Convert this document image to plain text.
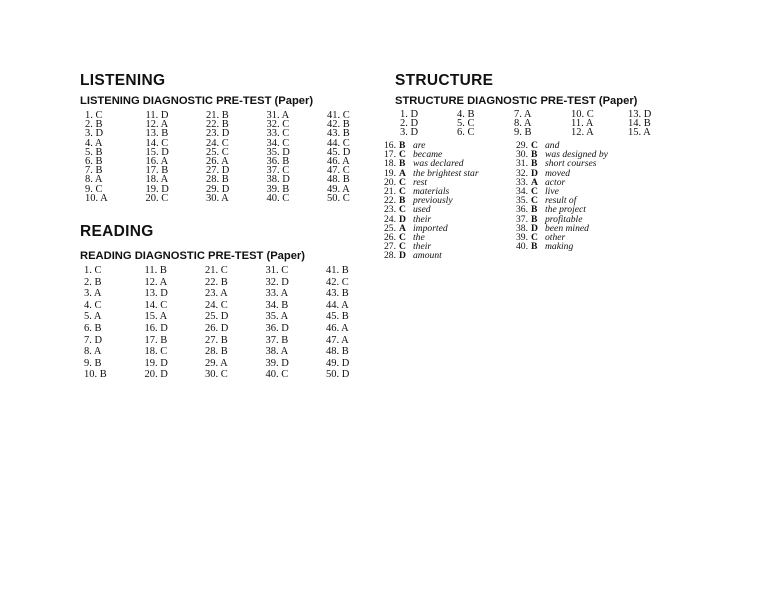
LISTENING
LISTENING DIAGNOSTIC PRE-TEST (Paper)
1. C
2. B
3. D
4. A
5. B
6. B
7. B
8. A
9. C
10. A
11. D
12. A
13. B
14. C
15. D
16. A
17. B
18. A
19. D
20. C
21. B
22. B
23. D
24. C
25. C
26. A
27. D
28. B
29. D
30. A
31. A
32. C
33. C
34. C
35. D
36. B
37. C
38. D
39. B
40. C
41. C
42. B
43. B
44. C
45. D
46. A
47. C
48. B
49. A
50. C
READING
READING DIAGNOSTIC PRE-TEST (Paper)
1. C
2. B
3. A
4. C
5. A
6. B
7. D
8. A
9. B
10. B
11. B
12. A
13. D
14. C
15. A
16. D
17. B
18. C
19. D
20. D
21. C
22. B
23. A
24. C
25. D
26. D
27. B
28. B
29. A
30. C
31. C
32. D
33. A
34. B
35. A
36. D
37. B
38. A
39. D
40. C
41. B
42. C
43. B
44. A
45. B
46. A
47. A
48. B
49. D
50. D
STRUCTURE
STRUCTURE DIAGNOSTIC PRE-TEST (Paper)
1. D
2. D
3. D
4. B
5. C
6. C
7. A
8. A
9. B
10. C
11. A
12. A
13. D
14. B
15. A
16. B are
17. C became
18. B was declared
19. A the brightest star
20. C rest
21. C materials
22. B previously
23. C used
24. D their
25. A imported
26. C the
27. C their
28. D amount
29. C and
30. B was designed by
31. B short courses
32. D moved
33. A actor
34. C live
35. C result of
36. B the project
37. B profitable
38. D been mined
39. C other
40. B making
